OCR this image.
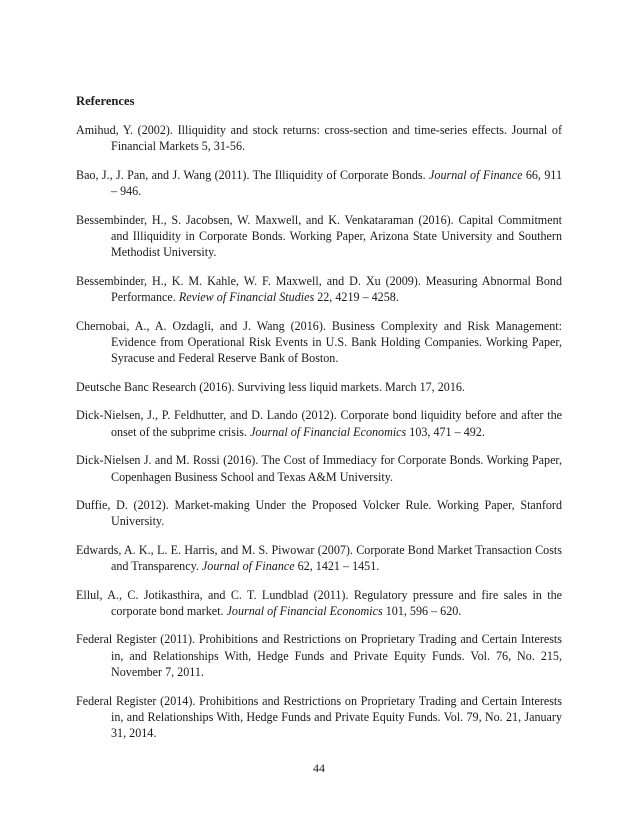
References
Amihud, Y. (2002). Illiquidity and stock returns: cross-section and time-series effects. Journal of Financial Markets 5, 31-56.
Bao, J., J. Pan, and J. Wang (2011). The Illiquidity of Corporate Bonds. Journal of Finance 66, 911 – 946.
Bessembinder, H., S. Jacobsen, W. Maxwell, and K. Venkataraman (2016). Capital Commitment and Illiquidity in Corporate Bonds. Working Paper, Arizona State University and Southern Methodist University.
Bessembinder, H., K. M. Kahle, W. F. Maxwell, and D. Xu (2009). Measuring Abnormal Bond Performance. Review of Financial Studies 22, 4219 – 4258.
Chernobai, A., A. Ozdagli, and J. Wang (2016). Business Complexity and Risk Management: Evidence from Operational Risk Events in U.S. Bank Holding Companies. Working Paper, Syracuse and Federal Reserve Bank of Boston.
Deutsche Banc Research (2016). Surviving less liquid markets. March 17, 2016.
Dick-Nielsen, J., P. Feldhutter, and D. Lando (2012). Corporate bond liquidity before and after the onset of the subprime crisis. Journal of Financial Economics 103, 471 – 492.
Dick-Nielsen J. and M. Rossi (2016). The Cost of Immediacy for Corporate Bonds. Working Paper, Copenhagen Business School and Texas A&M University.
Duffie, D. (2012). Market-making Under the Proposed Volcker Rule. Working Paper, Stanford University.
Edwards, A. K., L. E. Harris, and M. S. Piwowar (2007). Corporate Bond Market Transaction Costs and Transparency. Journal of Finance 62, 1421 – 1451.
Ellul, A., C. Jotikasthira, and C. T. Lundblad (2011). Regulatory pressure and fire sales in the corporate bond market. Journal of Financial Economics 101, 596 – 620.
Federal Register (2011). Prohibitions and Restrictions on Proprietary Trading and Certain Interests in, and Relationships With, Hedge Funds and Private Equity Funds. Vol. 76, No. 215, November 7, 2011.
Federal Register (2014). Prohibitions and Restrictions on Proprietary Trading and Certain Interests in, and Relationships With, Hedge Funds and Private Equity Funds. Vol. 79, No. 21, January 31, 2014.
44
